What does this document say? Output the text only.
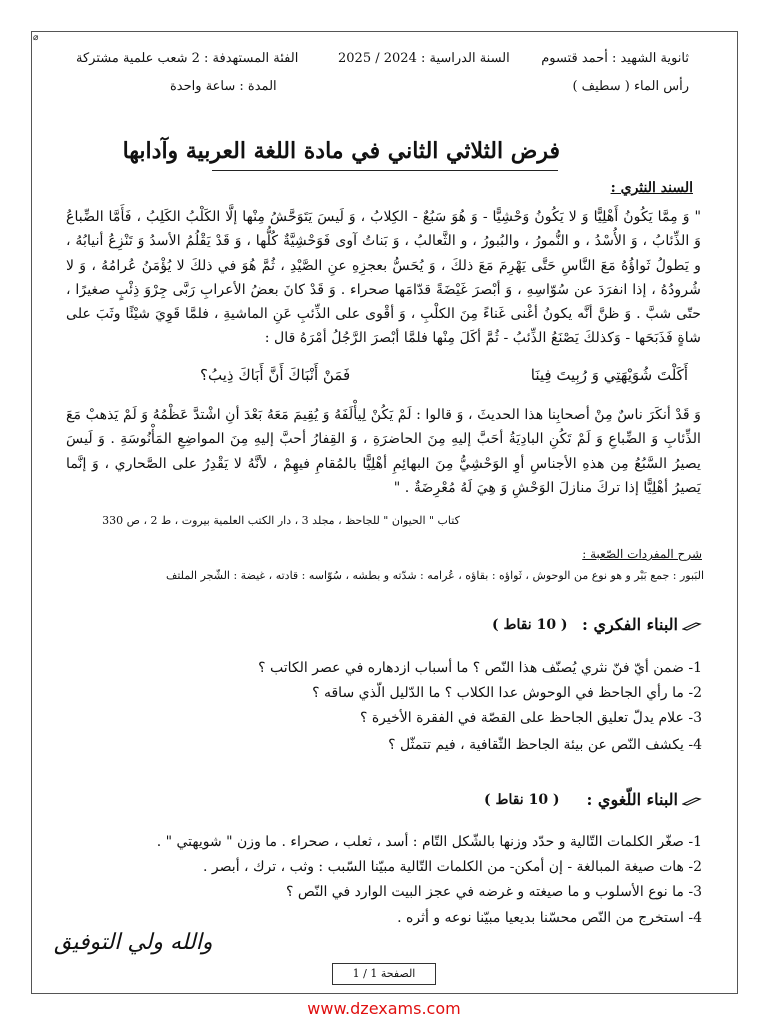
⌀
ثانوية الشهيد : أحمد قتسوم
رأس الماء ( سطيف )
السنة الدراسية : 2024 / 2025
الفئة المستهدفة : 2 شعب علمية مشتركة
المدة : ساعة واحدة
فرض الثلاثي الثاني في مادة اللغة العربية وآدابها
السند النثري :
" وَ مِمَّا يَكُونُ أَهْلِيًّا وَ لا يَكُونُ وَحْشِيًّا - وَ هُوَ سَبُعٌ - الكِلابُ ، وَ لَيسَ يَتَوَحَّشُ مِنْها إلَّا الكَلْبُ الكَلِبُ ، فَأَمَّا الضِّباعُ وَ الذِّئابُ ، وَ الأُسْدُ ، و النُّمورُ ، والبُبورُ ، و الثَّعالبُ ، وَ بَناتُ آوى فَوَحْشِيَّةٌ كُلُّها ، وَ قَدْ يَقْلُمُ الأسدُ وَ تَنْزِعُ أنيابُهُ ، و يَطولُ ثَواؤُهُ مَعَ النَّاسِ حَتَّى يَهْرِمَ مَعَ ذلكَ ، وَ يُحَسُّ بعجزِهِ عنِ الصَّيْدِ ، ثُمَّ هُوَ في ذلكَ لا يُؤْمَنُ عُرامُهُ ، وَ لا شُرودُهُ ، إذا انفرَدَ عن سُوّاسِهِ ، وَ أبْصرَ غَيْضَةً قدّامَها صحراء . وَ قَدْ كانَ بعضُ الأعرابِ رَبَّى جِرْوَ ذِئْبٍ صغيرًا ، حتّى شبَّ . وَ ظنَّ أنَّه يكونُ أغْنى غَناءً مِنَ الكلْبِ ، وَ أقْوى على الذِّئبِ عَنِ الماشيةِ ، فلمَّا قَوِيَ شيْئًا وثَبَ على شاةٍ فَذَبَحَها - وَكذلكَ يَصْنَعُ الذِّئبُ - ثُمَّ أكَلَ مِنْها فلمَّا أبْصرَ الرَّجُلُ أمْرَهُ قال :
أَكَلْتَ شُوَيْهَتِي وَ رُبِيتَ فِينَا
فَمَنْ أَنْبَاكَ أَنَّ أَبَاكَ ذِيبُ؟
وَ قَدْ أنكَرَ ناسٌ مِنْ أصحابِنا هذا الحديثَ ، وَ قالوا : لَمْ يَكُنْ لِيأْلَفَهُ وَ يُقِيمَ مَعَهُ بَعْدَ أنِ اشْتدَّ عَظْمُهُ وَ لَمْ يَذهبْ مَعَ الذِّئابِ وَ الضِّباعِ وَ لَمْ تَكُنِ البادِيَةُ أحَبَّ إليهِ مِنَ الحاضرَةِ ، وَ القِفارُ أحبَّ إليهِ مِنَ المواضِعِ المَأْنُوسَةِ . وَ لَيسَ يصيرُ السَّبُعُ مِن هذهِ الأجناسِ أوِ الوَحْشِيُّ مِنَ البهائِمِ أهْلِيًّا بالمُقامِ فيهِمْ ، لأنَّهُ لا يَقْدِرُ على الصَّحاري ، وَ إنَّما يَصيرُ أهْلِيًّا إذا تركَ منازلَ الوَحْشِ وَ هِيَ لَهُ مُعْرِضَةٌ . "
كتاب " الحيوان " للجاحظ ، مجلد 3 ، دار الكتب العلمية بيروت ، ط 2 ، ص 330
شرح المفردات الصّعبة :
البَبور : جمع بَبْر و هو نوع من الوحوش ، ثَواؤه : بقاؤه ، عُرامه : شدّته و بطشه ، سُوّاسه : قادته ، غيضة : الشّجر الملتف
البناء الفكري :
( 10 نقاط )
1- ضمن أيّ فنّ نثري يُصنّف هذا النّص ؟ ما أسباب ازدهاره في عصر الكاتب ؟
2- ما رأي الجاحظ في الوحوش عدا الكلاب ؟ ما الدّليل الّذي ساقه ؟
3- علام يدلّ تعليق الجاحظ على القصّة في الفقرة الأخيرة ؟
4- يكشف النّص عن بيئة الجاحظ الثّقافية ، فيم تتمثّل ؟
البناء اللّغوي :
( 10 نقاط )
1- صغّر الكلمات التّالية و حدّد وزنها بالشّكل التّام : أسد ، ثعلب ، صحراء . ما وزن " شويهتي " .
2- هات صيغة المبالغة - إن أمكن- من الكلمات التّالية مبيّنا السّبب : وثب ، ترك ، أبصر .
3- ما نوع الأسلوب و ما صيغته و غرضه في عجز البيت الوارد في النّص ؟
4- استخرج من النّص محسّنا بديعيا مبيّنا نوعه و أثره .
والله ولي التوفيق
الصفحة 1 / 1
www.dzexams.com
